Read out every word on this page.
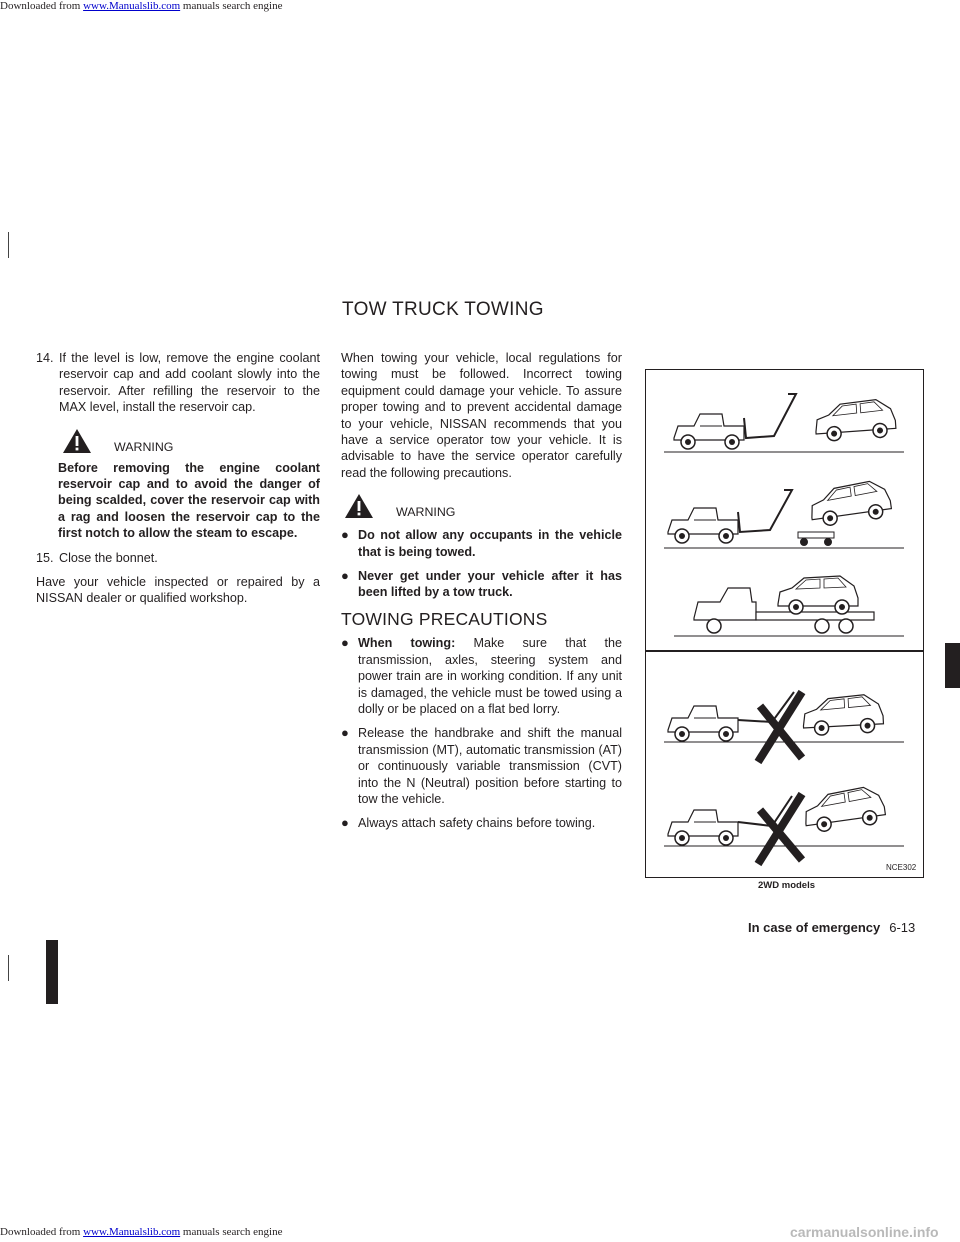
Downloaded from www.Manualslib.com manuals search engine
TOW TRUCK TOWING
14. If the level is low, remove the engine coolant reservoir cap and add coolant slowly into the reservoir. After refilling the reservoir to the MAX level, install the reservoir cap.
WARNING

Before removing the engine coolant reservoir cap and to avoid the danger of being scalded, cover the reservoir cap with a rag and loosen the reservoir cap to the first notch to allow the steam to escape.

15. Close the bonnet.

Have your vehicle inspected or repaired by a NISSAN dealer or qualified workshop.

When towing your vehicle, local regulations for towing must be followed. Incorrect towing equipment could damage your vehicle. To assure proper towing and to prevent accidental damage to your vehicle, NISSAN recommends that you have a service operator tow your vehicle. It is advisable to have the service operator carefully read the following precautions.

WARNING
● Do not allow any occupants in the vehicle that is being towed.
● Never get under your vehicle after it has been lifted by a tow truck.
TOWING PRECAUTIONS
● When towing: Make sure that the transmission, axles, steering system and power train are in working condition. If any unit is damaged, the vehicle must be towed using a dolly or be placed on a flat bed lorry.
● Release the handbrake and shift the manual transmission (MT), automatic transmission (AT) or continuously variable transmission (CVT) into the N (Neutral) position before starting to tow the vehicle.
● Always attach safety chains before towing.
NCE302
2WD models
In case of emergency 6-13
Downloaded from www.Manualslib.com manuals search engine	carmanualsonline.info
